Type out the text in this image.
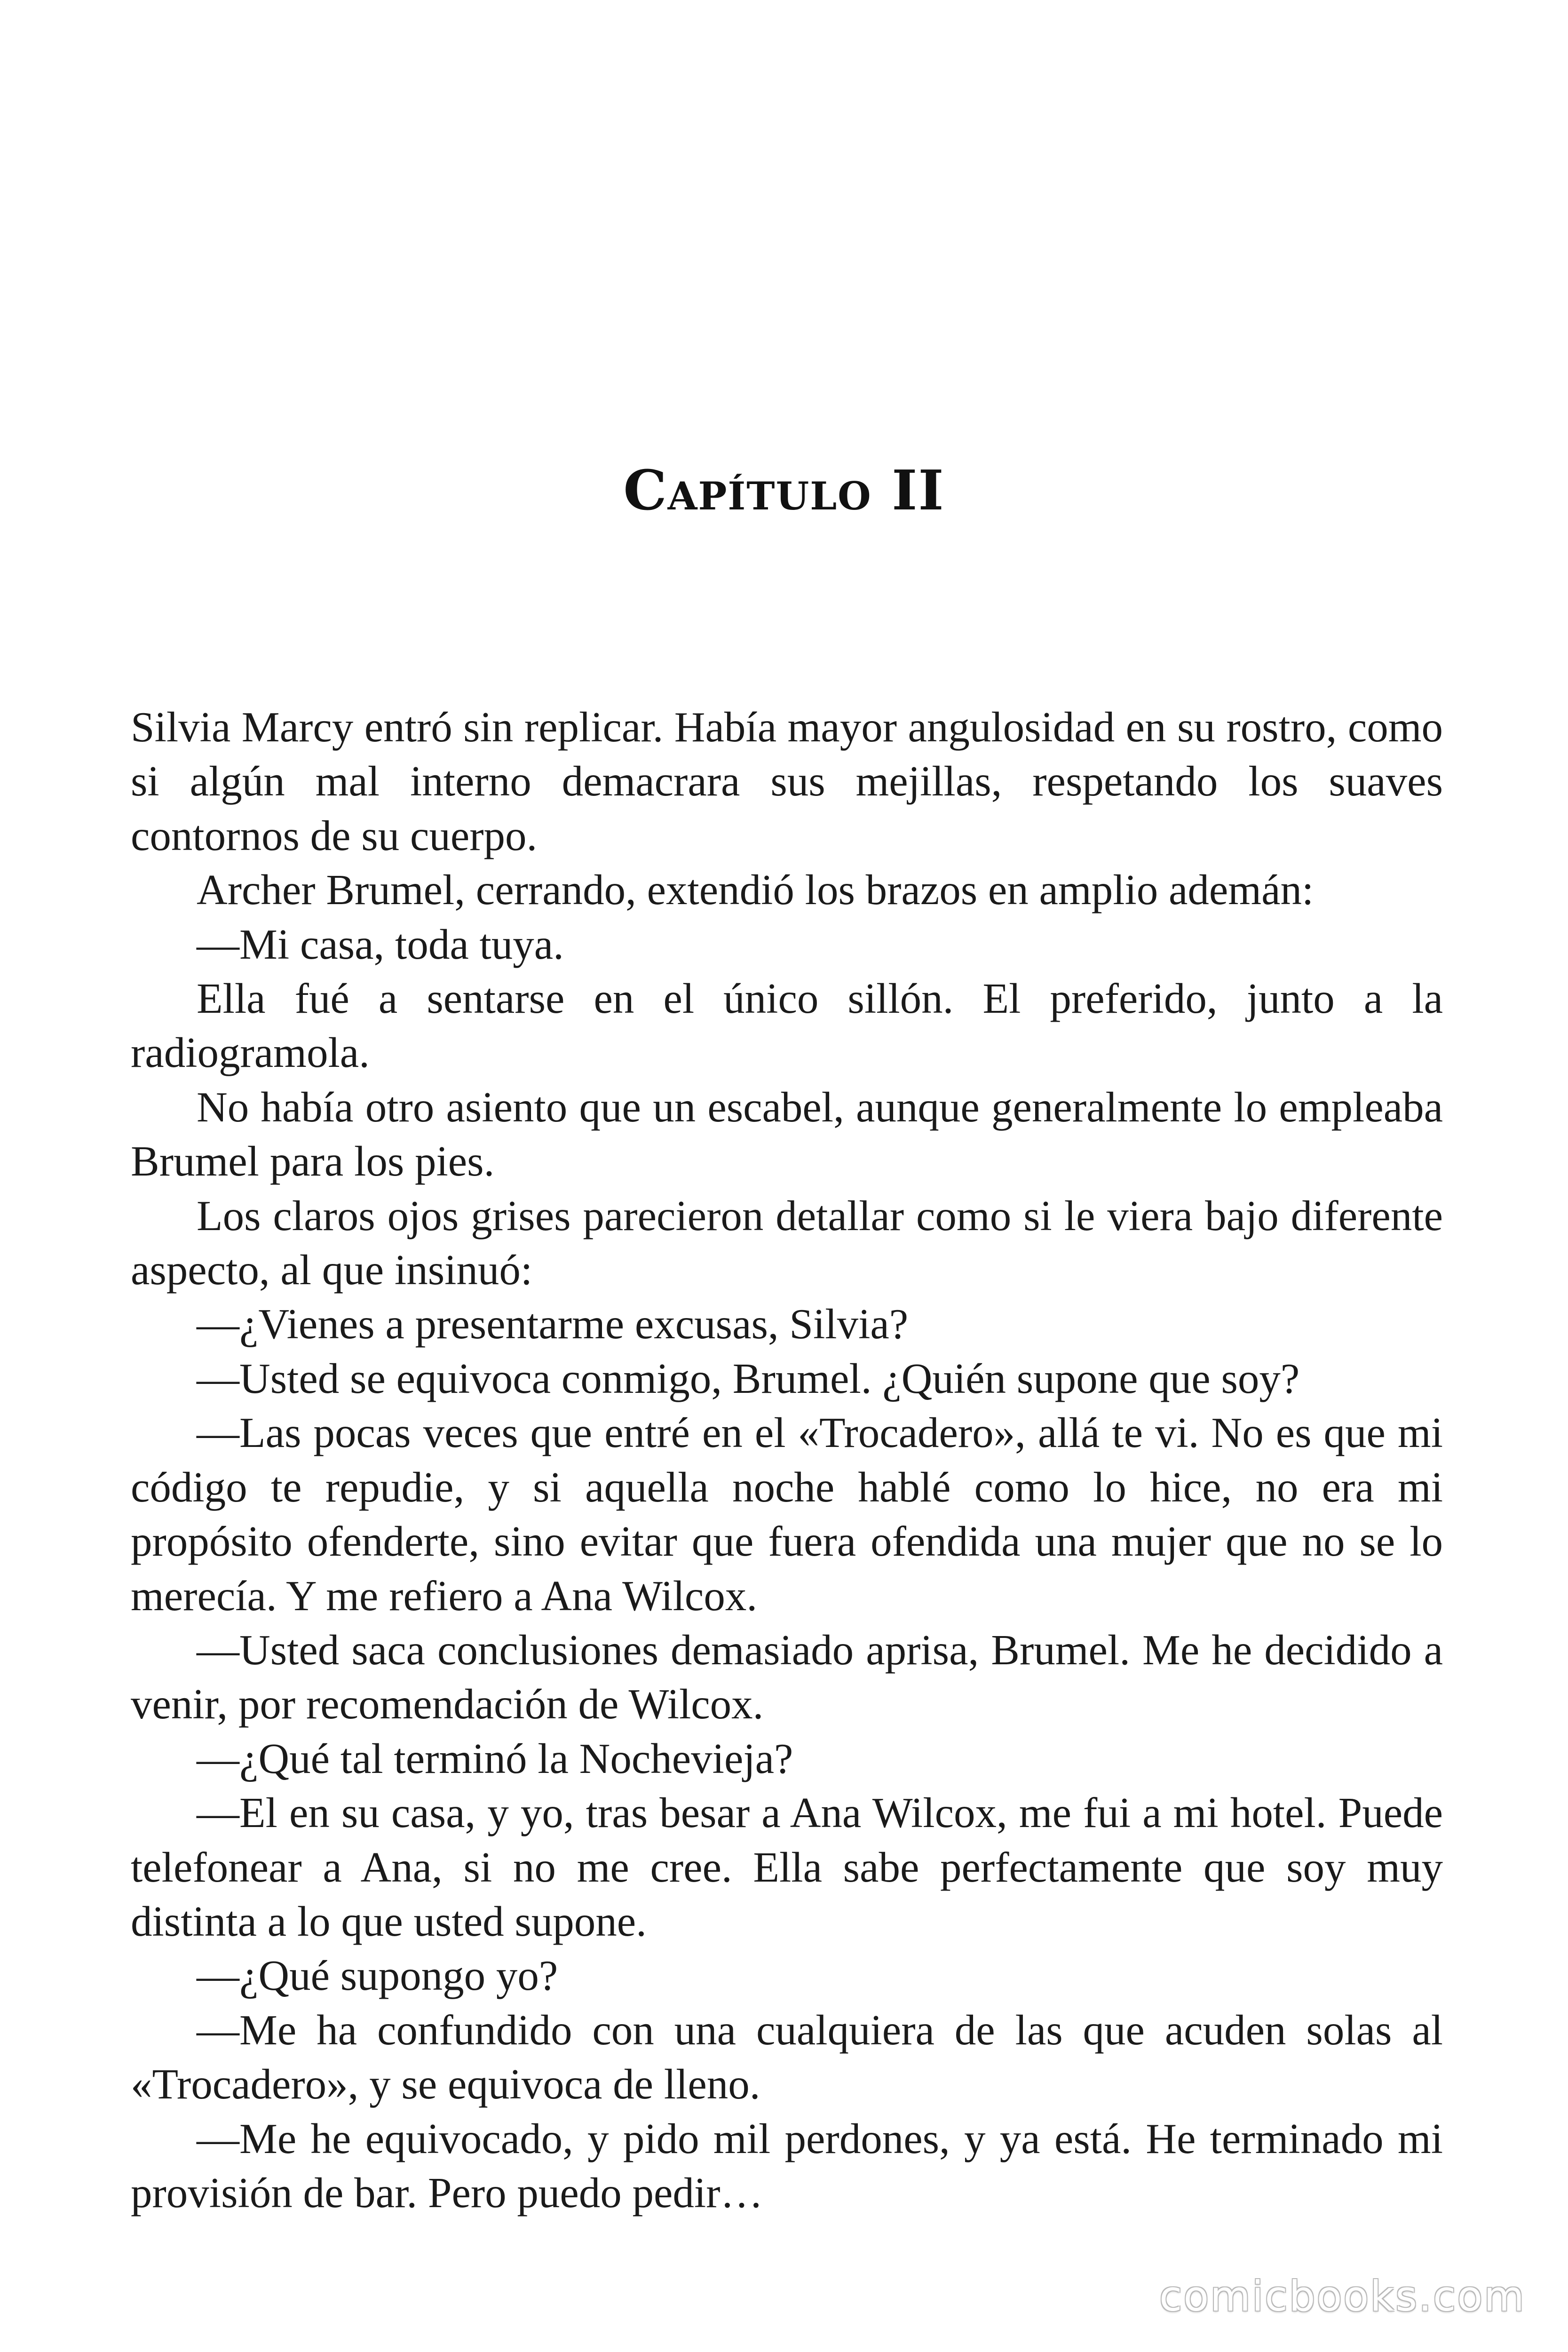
Capítulo II

Silvia Marcy entró sin replicar. Había mayor angulosidad en su rostro, como si algún mal interno demacrara sus mejillas, respetando los suaves contornos de su cuerpo.

Archer Brumel, cerrando, extendió los brazos en amplio ademán:

—Mi casa, toda tuya.

Ella fué a sentarse en el único sillón. El preferido, junto a la radiogramola.

No había otro asiento que un escabel, aunque generalmente lo empleaba Brumel para los pies.

Los claros ojos grises parecieron detallar como si le viera bajo diferente aspecto, al que insinuó:

—¿Vienes a presentarme excusas, Silvia?

—Usted se equivoca conmigo, Brumel. ¿Quién supone que soy?

—Las pocas veces que entré en el «Trocadero», allá te vi. No es que mi código te repudie, y si aquella noche hablé como lo hice, no era mi propósito ofenderte, sino evitar que fuera ofendida una mujer que no se lo merecía. Y me refiero a Ana Wilcox.

—Usted saca conclusiones demasiado aprisa, Brumel. Me he decidido a venir, por recomendación de Wilcox.

—¿Qué tal terminó la Nochevieja?

—El en su casa, y yo, tras besar a Ana Wilcox, me fui a mi hotel. Puede telefonear a Ana, si no me cree. Ella sabe perfectamente que soy muy distinta a lo que usted supone.

—¿Qué supongo yo?

—Me ha confundido con una cualquiera de las que acuden solas al «Trocadero», y se equivoca de lleno.

—Me he equivocado, y pido mil perdones, y ya está. He terminado mi provisión de bar. Pero puedo pedir…

comicbooks.com
